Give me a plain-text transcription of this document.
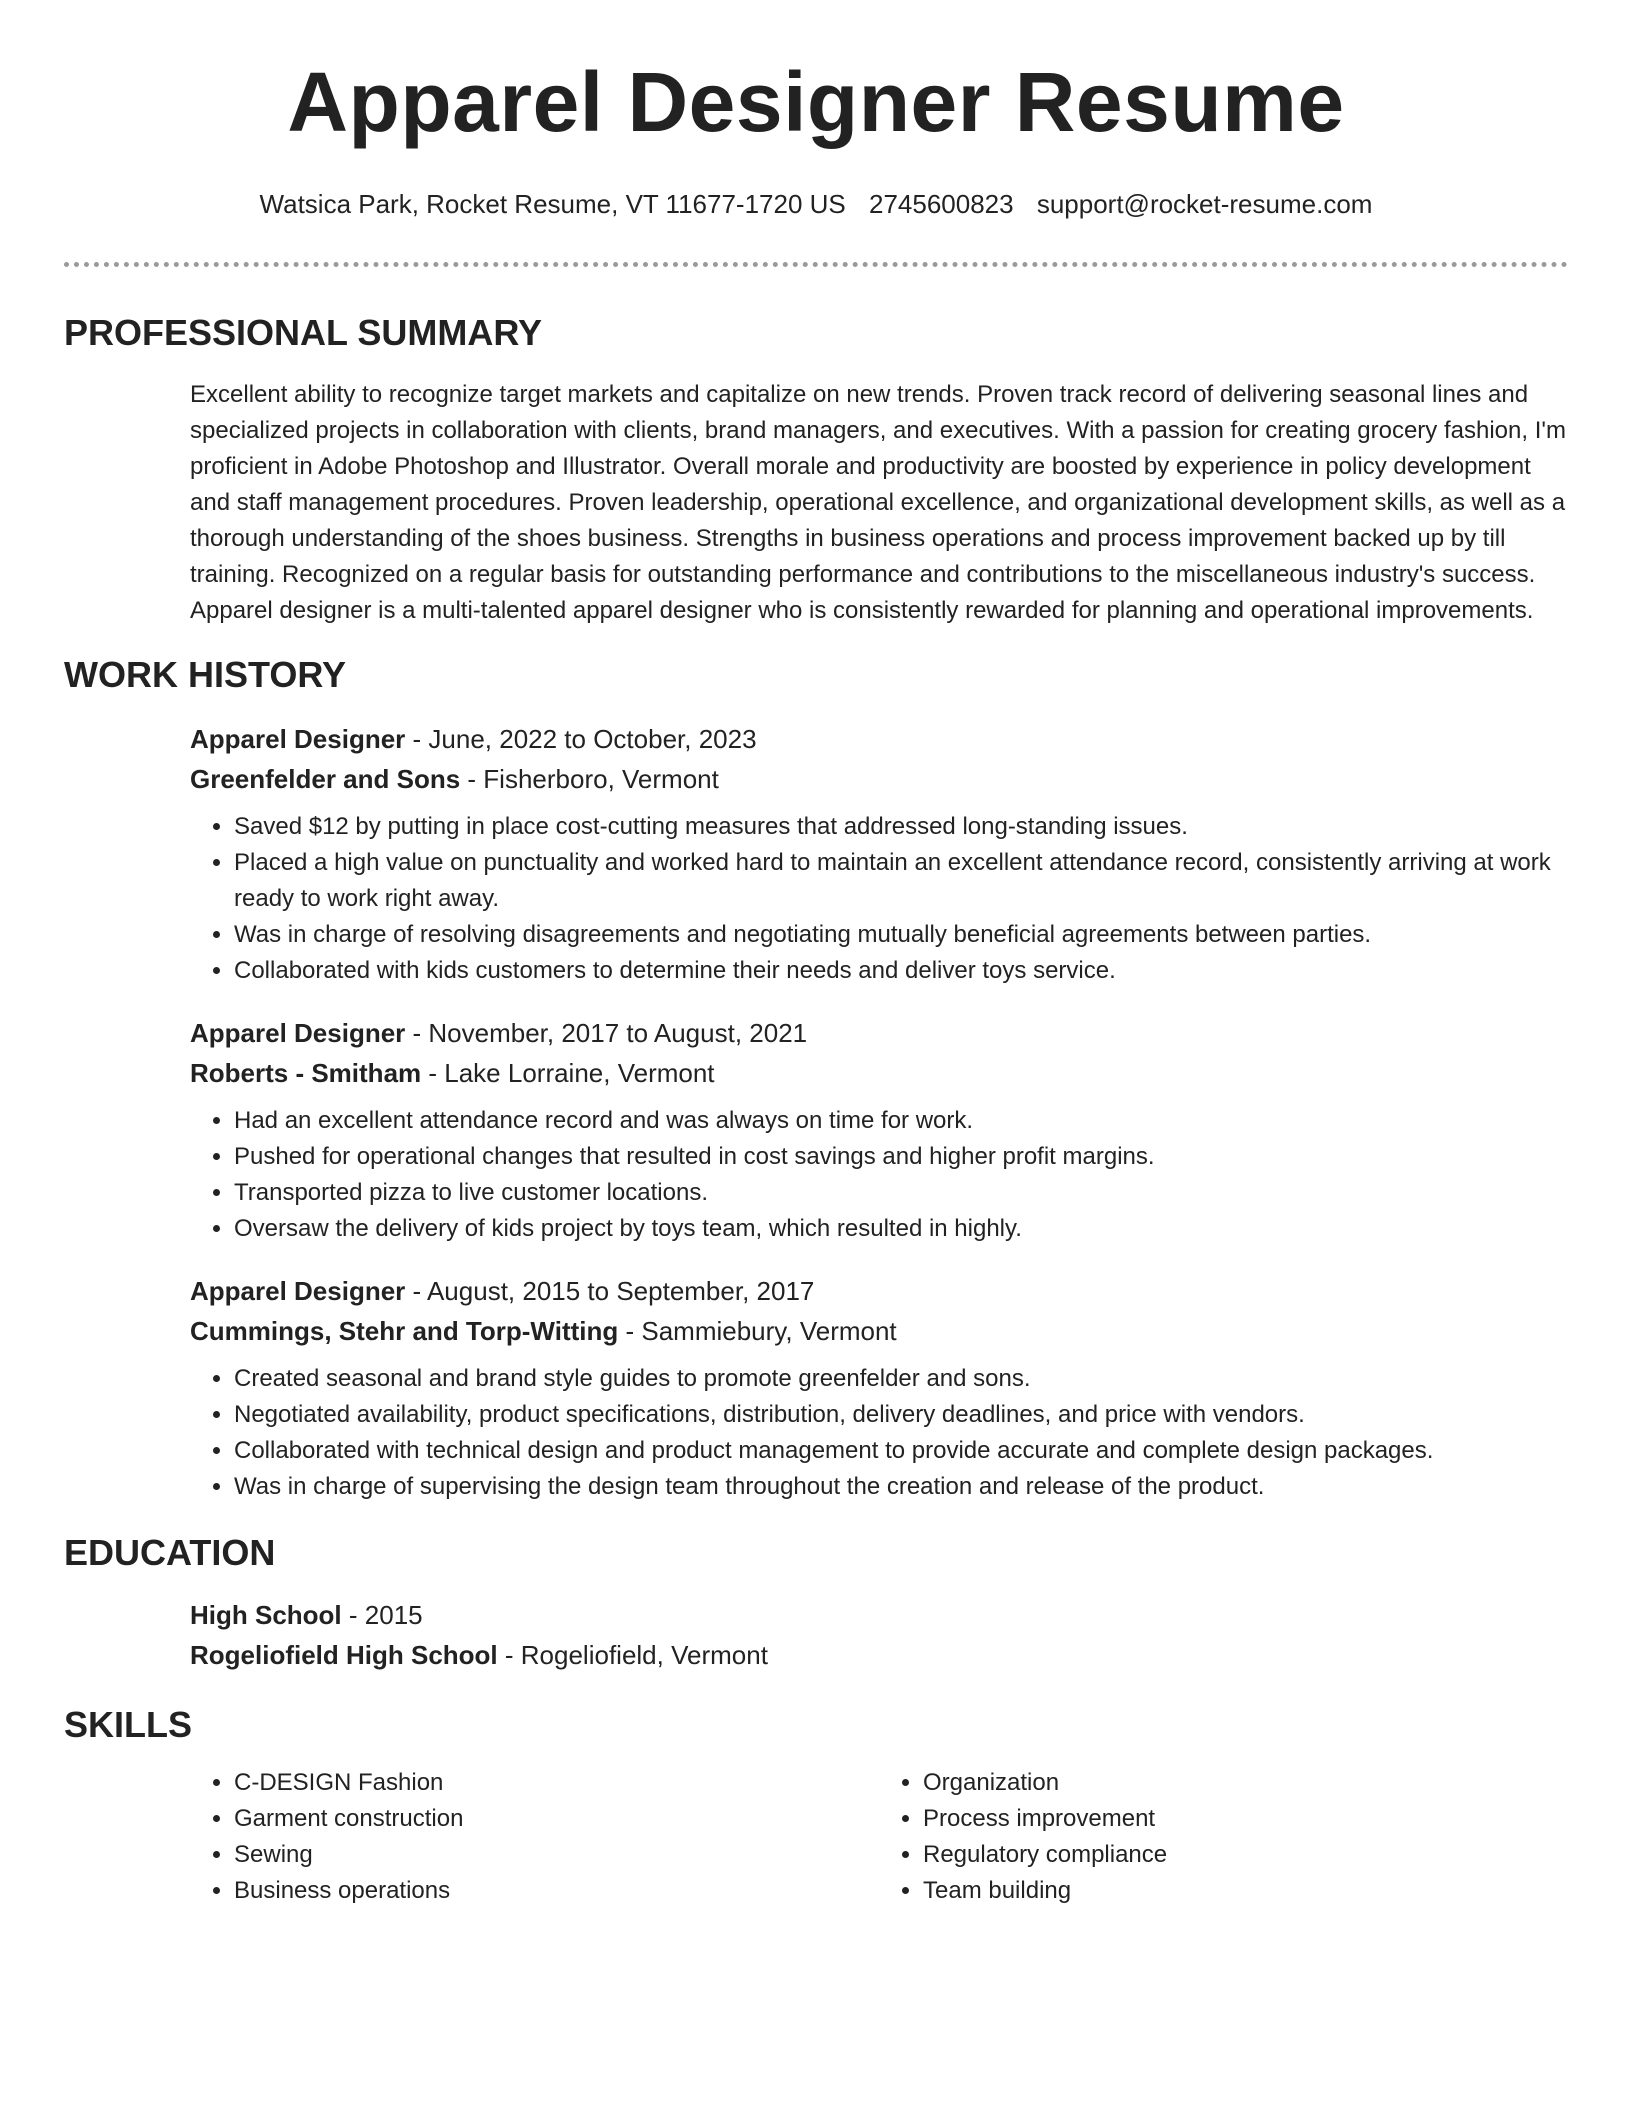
Apparel Designer Resume
Watsica Park, Rocket Resume, VT 11677-1720 US 2745600823 support@rocket-resume.com
PROFESSIONAL SUMMARY

Excellent ability to recognize target markets and capitalize on new trends. Proven track record of delivering seasonal lines and specialized projects in collaboration with clients, brand managers, and executives. With a passion for creating grocery fashion, I'm proficient in Adobe Photoshop and Illustrator. Overall morale and productivity are boosted by experience in policy development and staff management procedures. Proven leadership, operational excellence, and organizational development skills, as well as a thorough understanding of the shoes business. Strengths in business operations and process improvement backed up by till training. Recognized on a regular basis for outstanding performance and contributions to the miscellaneous industry's success. Apparel designer is a multi-talented apparel designer who is consistently rewarded for planning and operational improvements.

WORK HISTORY
Apparel Designer - June, 2022 to October, 2023
Greenfelder and Sons - Fisherboro, Vermont
• Saved $12 by putting in place cost-cutting measures that addressed long-standing issues.
• Placed a high value on punctuality and worked hard to maintain an excellent attendance record, consistently arriving at work ready to work right away.
• Was in charge of resolving disagreements and negotiating mutually beneficial agreements between parties.
• Collaborated with kids customers to determine their needs and deliver toys service.
Apparel Designer - November, 2017 to August, 2021
Roberts - Smitham - Lake Lorraine, Vermont
• Had an excellent attendance record and was always on time for work.
• Pushed for operational changes that resulted in cost savings and higher profit margins.
• Transported pizza to live customer locations.
• Oversaw the delivery of kids project by toys team, which resulted in highly.
Apparel Designer - August, 2015 to September, 2017
Cummings, Stehr and Torp-Witting - Sammiebury, Vermont
• Created seasonal and brand style guides to promote greenfelder and sons.
• Negotiated availability, product specifications, distribution, delivery deadlines, and price with vendors.
• Collaborated with technical design and product management to provide accurate and complete design packages.
• Was in charge of supervising the design team throughout the creation and release of the product.
EDUCATION
High School - 2015
Rogeliofield High School - Rogeliofield, Vermont
SKILLS
• C-DESIGN Fashion
• Garment construction
• Sewing
• Business operations
• Organization
• Process improvement
• Regulatory compliance
• Team building
